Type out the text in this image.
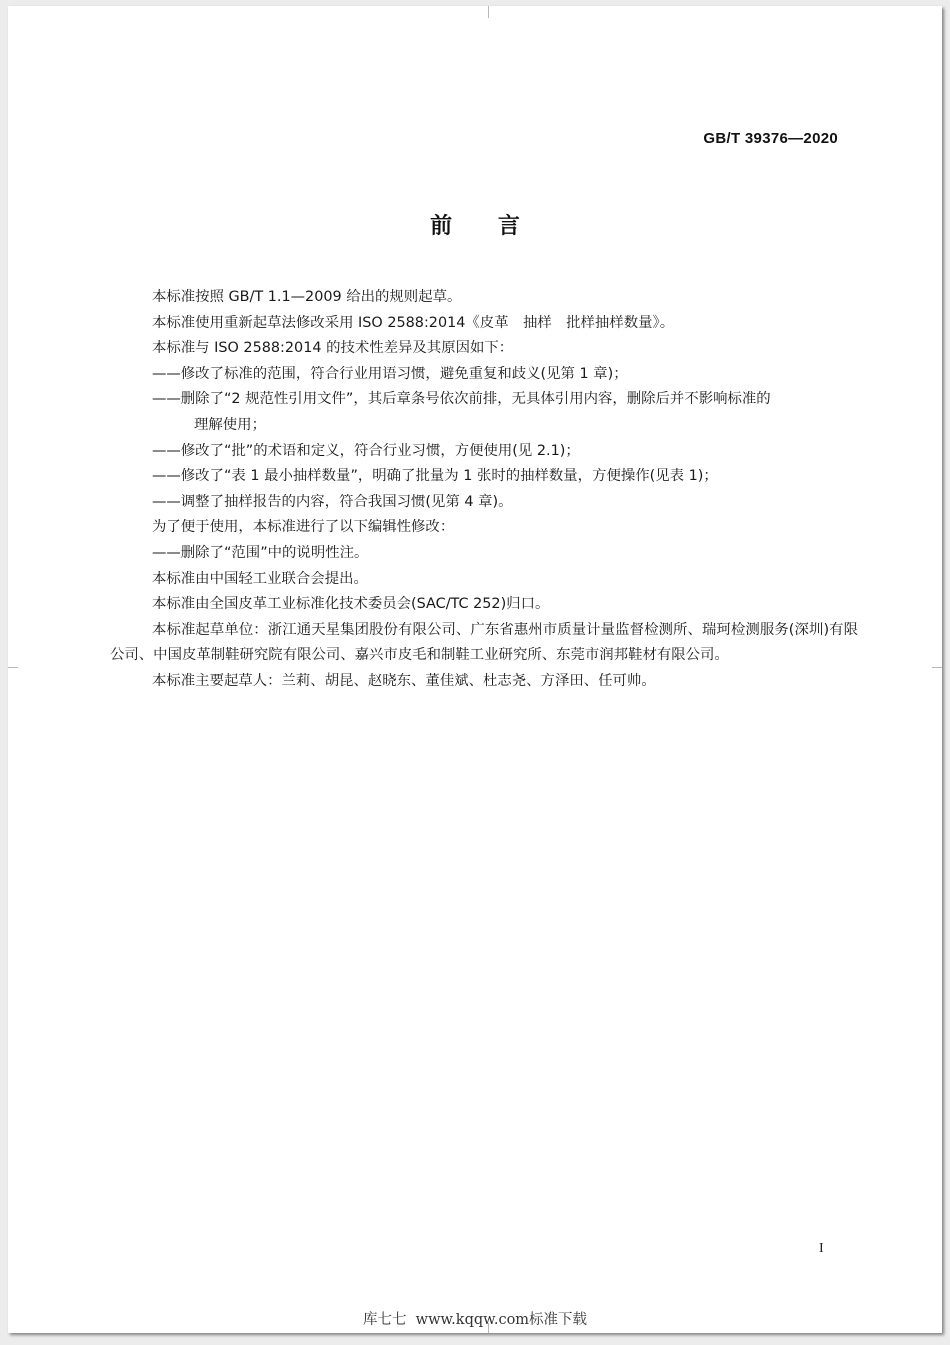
GB/T 39376—2020
前 言

本标准按照 GB/T 1.1—2009 给出的规则起草。

本标准使用重新起草法修改采用 ISO 2588:2014《皮革　抽样　批样抽样数量》。

本标准与 ISO 2588:2014 的技术性差异及其原因如下：

——修改了标准的范围，符合行业用语习惯，避免重复和歧义(见第 1 章)；

——删除了“2 规范性引用文件”，其后章条号依次前排，无具体引用内容，删除后并不影响标准的

理解使用；

——修改了“批”的术语和定义，符合行业习惯，方便使用(见 2.1)；

——修改了“表 1 最小抽样数量”，明确了批量为 1 张时的抽样数量，方便操作(见表 1)；

——调整了抽样报告的内容，符合我国习惯(见第 4 章)。

为了便于使用，本标准进行了以下编辑性修改：

——删除了“范围”中的说明性注。

本标准由中国轻工业联合会提出。

本标准由全国皮革工业标准化技术委员会(SAC/TC 252)归口。

本标准起草单位：浙江通天星集团股份有限公司、广东省惠州市质量计量监督检测所、瑞珂检测服务(深圳)有限公司、中国皮革制鞋研究院有限公司、嘉兴市皮毛和制鞋工业研究所、东莞市润邦鞋材有限公司。

本标准主要起草人：兰莉、胡昆、赵晓东、董佳斌、杜志尧、方泽田、任可帅。

I
库七七  www.kqqw.com标准下载
